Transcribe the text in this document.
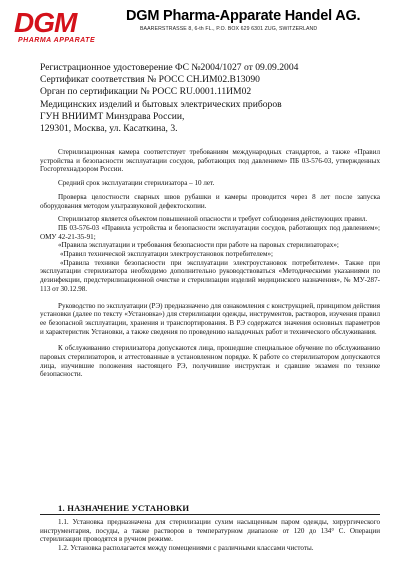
DGM
PHARMA APPARATE
DGM Pharma-Apparate Handel AG.
BAARERSTRASSE 8, 6-th FL., P.O. BOX 629 6301 ZUG, SWITZERLAND
Регистрационное удостоверение ФС №2004/1027 от 09.09.2004
Сертификат соответствия № РОСС CH.ИМ02.B13090
Орган по сертификации № РОСС RU.0001.11ИМ02
Медицинских изделий и бытовых электрических приборов
ГУН ВНИИМТ Минздрава России,
129301, Москва, ул. Касаткина, 3.

Стерилизационная камера соответствует требованиям международных стандартов, а также «Правил устройства и безопасности эксплуатации сосудов, работающих под давлением» ПБ 03-576-03, утвержденных Госгортехнадзором России.

Средний срок эксплуатации стерилизатора – 10 лет.

Проверка целостности сварных швов рубашки и камеры проводится через 8 лет после запуска оборудования методом ультразвуковой дефектоскопии.

Стерилизатор является объектом повышенной опасности и требует соблюдения действующих правил.

ПБ 03-576-03 «Правила устройства и безопасности эксплуатации сосудов, работающих под давлением»; ОМУ 42-21-35-91;

«Правила эксплуатации и требования безопасности при работе на паровых стерилизаторах»;

«Правил технической эксплуатации электроустановок потребителем»;

«Правила техники безопасности при эксплуатации электроустановок потребителем». Также при эксплуатации стерилизатора необходимо дополнительно руководствоваться «Методическими указаниями по дезинфекции, предстерилизационной очистке и стерилизации изделий медицинского назначения», № МУ-287-113 от 30.12.98.

Руководство по эксплуатации (РЭ) предназначено для ознакомления с конструкцией, принципом действия установки (далее по тексту «Установка») для стерилизации одежды, инструментов, растворов, изучения правил ее безопасной эксплуатации, хранения и транспортирования. В РЭ содержатся значения основных параметров и характеристик Установки, а также сведения по проведению наладочных работ и технического обслуживания.

К обслуживанию стерилизатора допускаются лица, прошедшие специальное обучение по обслуживанию паровых стерилизаторов, и аттестованные в установленном порядке. К работе со стерилизатором допускаются лица, изучившие положения настоящего РЭ, получившие инструктаж и сдавшие экзамен по технике безопасности.

1. НАЗНАЧЕНИЕ УСТАНОВКИ

1.1. Установка предназначена для стерилизации сухим насыщенным паром одежды, хирургического инструментария, посуды, а также растворов в температурном диапазоне от 120 до 134° С. Операции стерилизации проводятся в ручном режиме.

1.2. Установка располагается между помещениями с различными классами чистоты.
